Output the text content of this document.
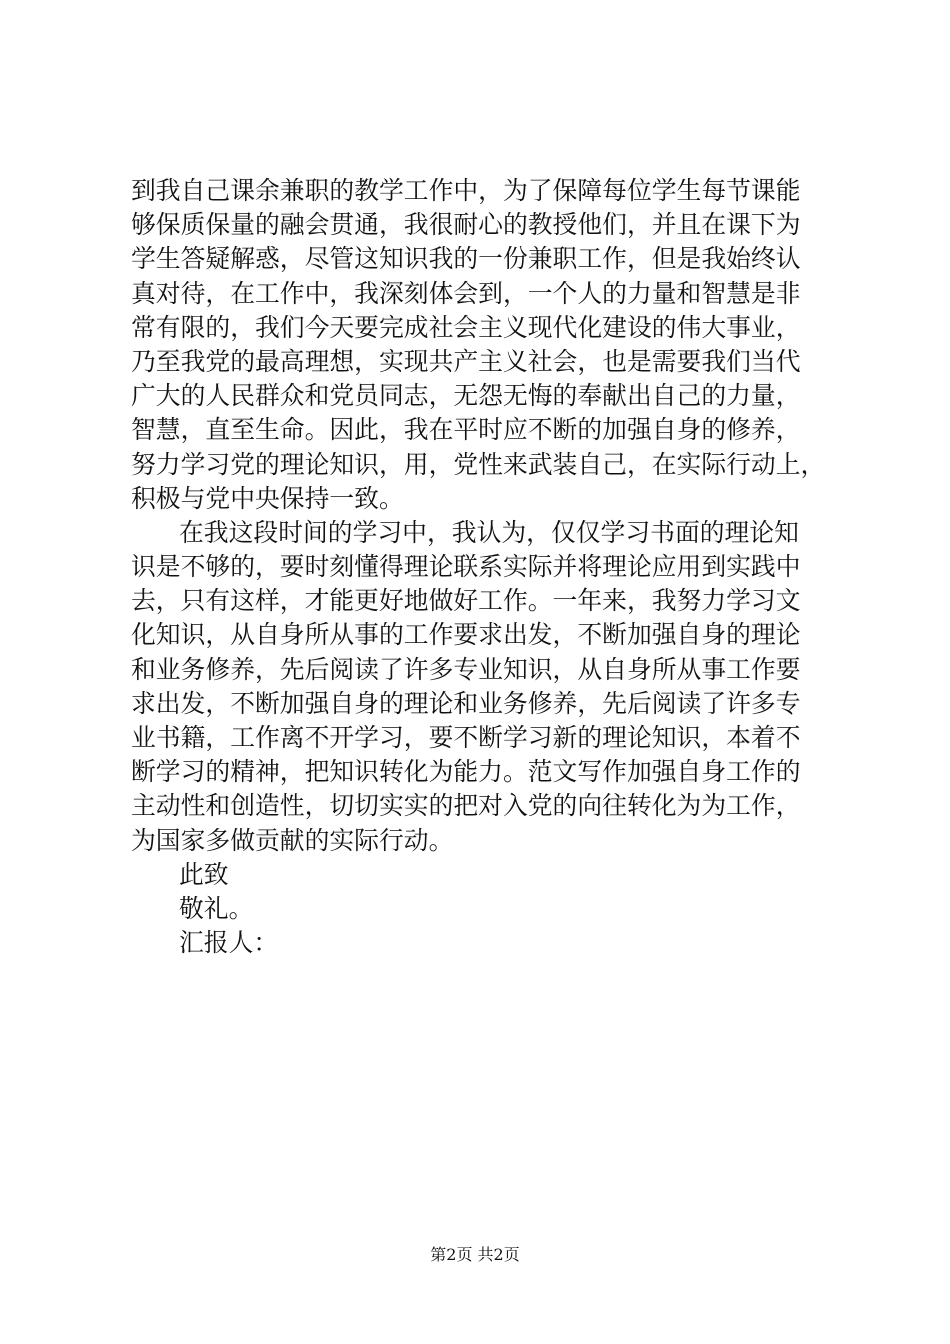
到我自己课余兼职的教学工作中，为了保障每位学生每节课能
够保质保量的融会贯通，我很耐心的教授他们，并且在课下为
学生答疑解惑，尽管这知识我的一份兼职工作，但是我始终认
真对待，在工作中，我深刻体会到，一个人的力量和智慧是非
常有限的，我们今天要完成社会主义现代化建设的伟大事业，
乃至我党的最高理想，实现共产主义社会，也是需要我们当代
广大的人民群众和党员同志，无怨无悔的奉献出自己的力量，
智慧，直至生命。因此，我在平时应不断的加强自身的修养，
努力学习党的理论知识，用，党性来武装自己，在实际行动上，
积极与党中央保持一致。
在我这段时间的学习中，我认为，仅仅学习书面的理论知
识是不够的，要时刻懂得理论联系实际并将理论应用到实践中
去，只有这样，才能更好地做好工作。一年来，我努力学习文
化知识，从自身所从事的工作要求出发，不断加强自身的理论
和业务修养，先后阅读了许多专业知识，从自身所从事工作要
求出发，不断加强自身的理论和业务修养，先后阅读了许多专
业书籍，工作离不开学习，要不断学习新的理论知识，本着不
断学习的精神，把知识转化为能力。范文写作加强自身工作的
主动性和创造性，切切实实的把对入党的向往转化为为工作，
为国家多做贡献的实际行动。
此致
敬礼。
汇报人：
第2页 共2页
